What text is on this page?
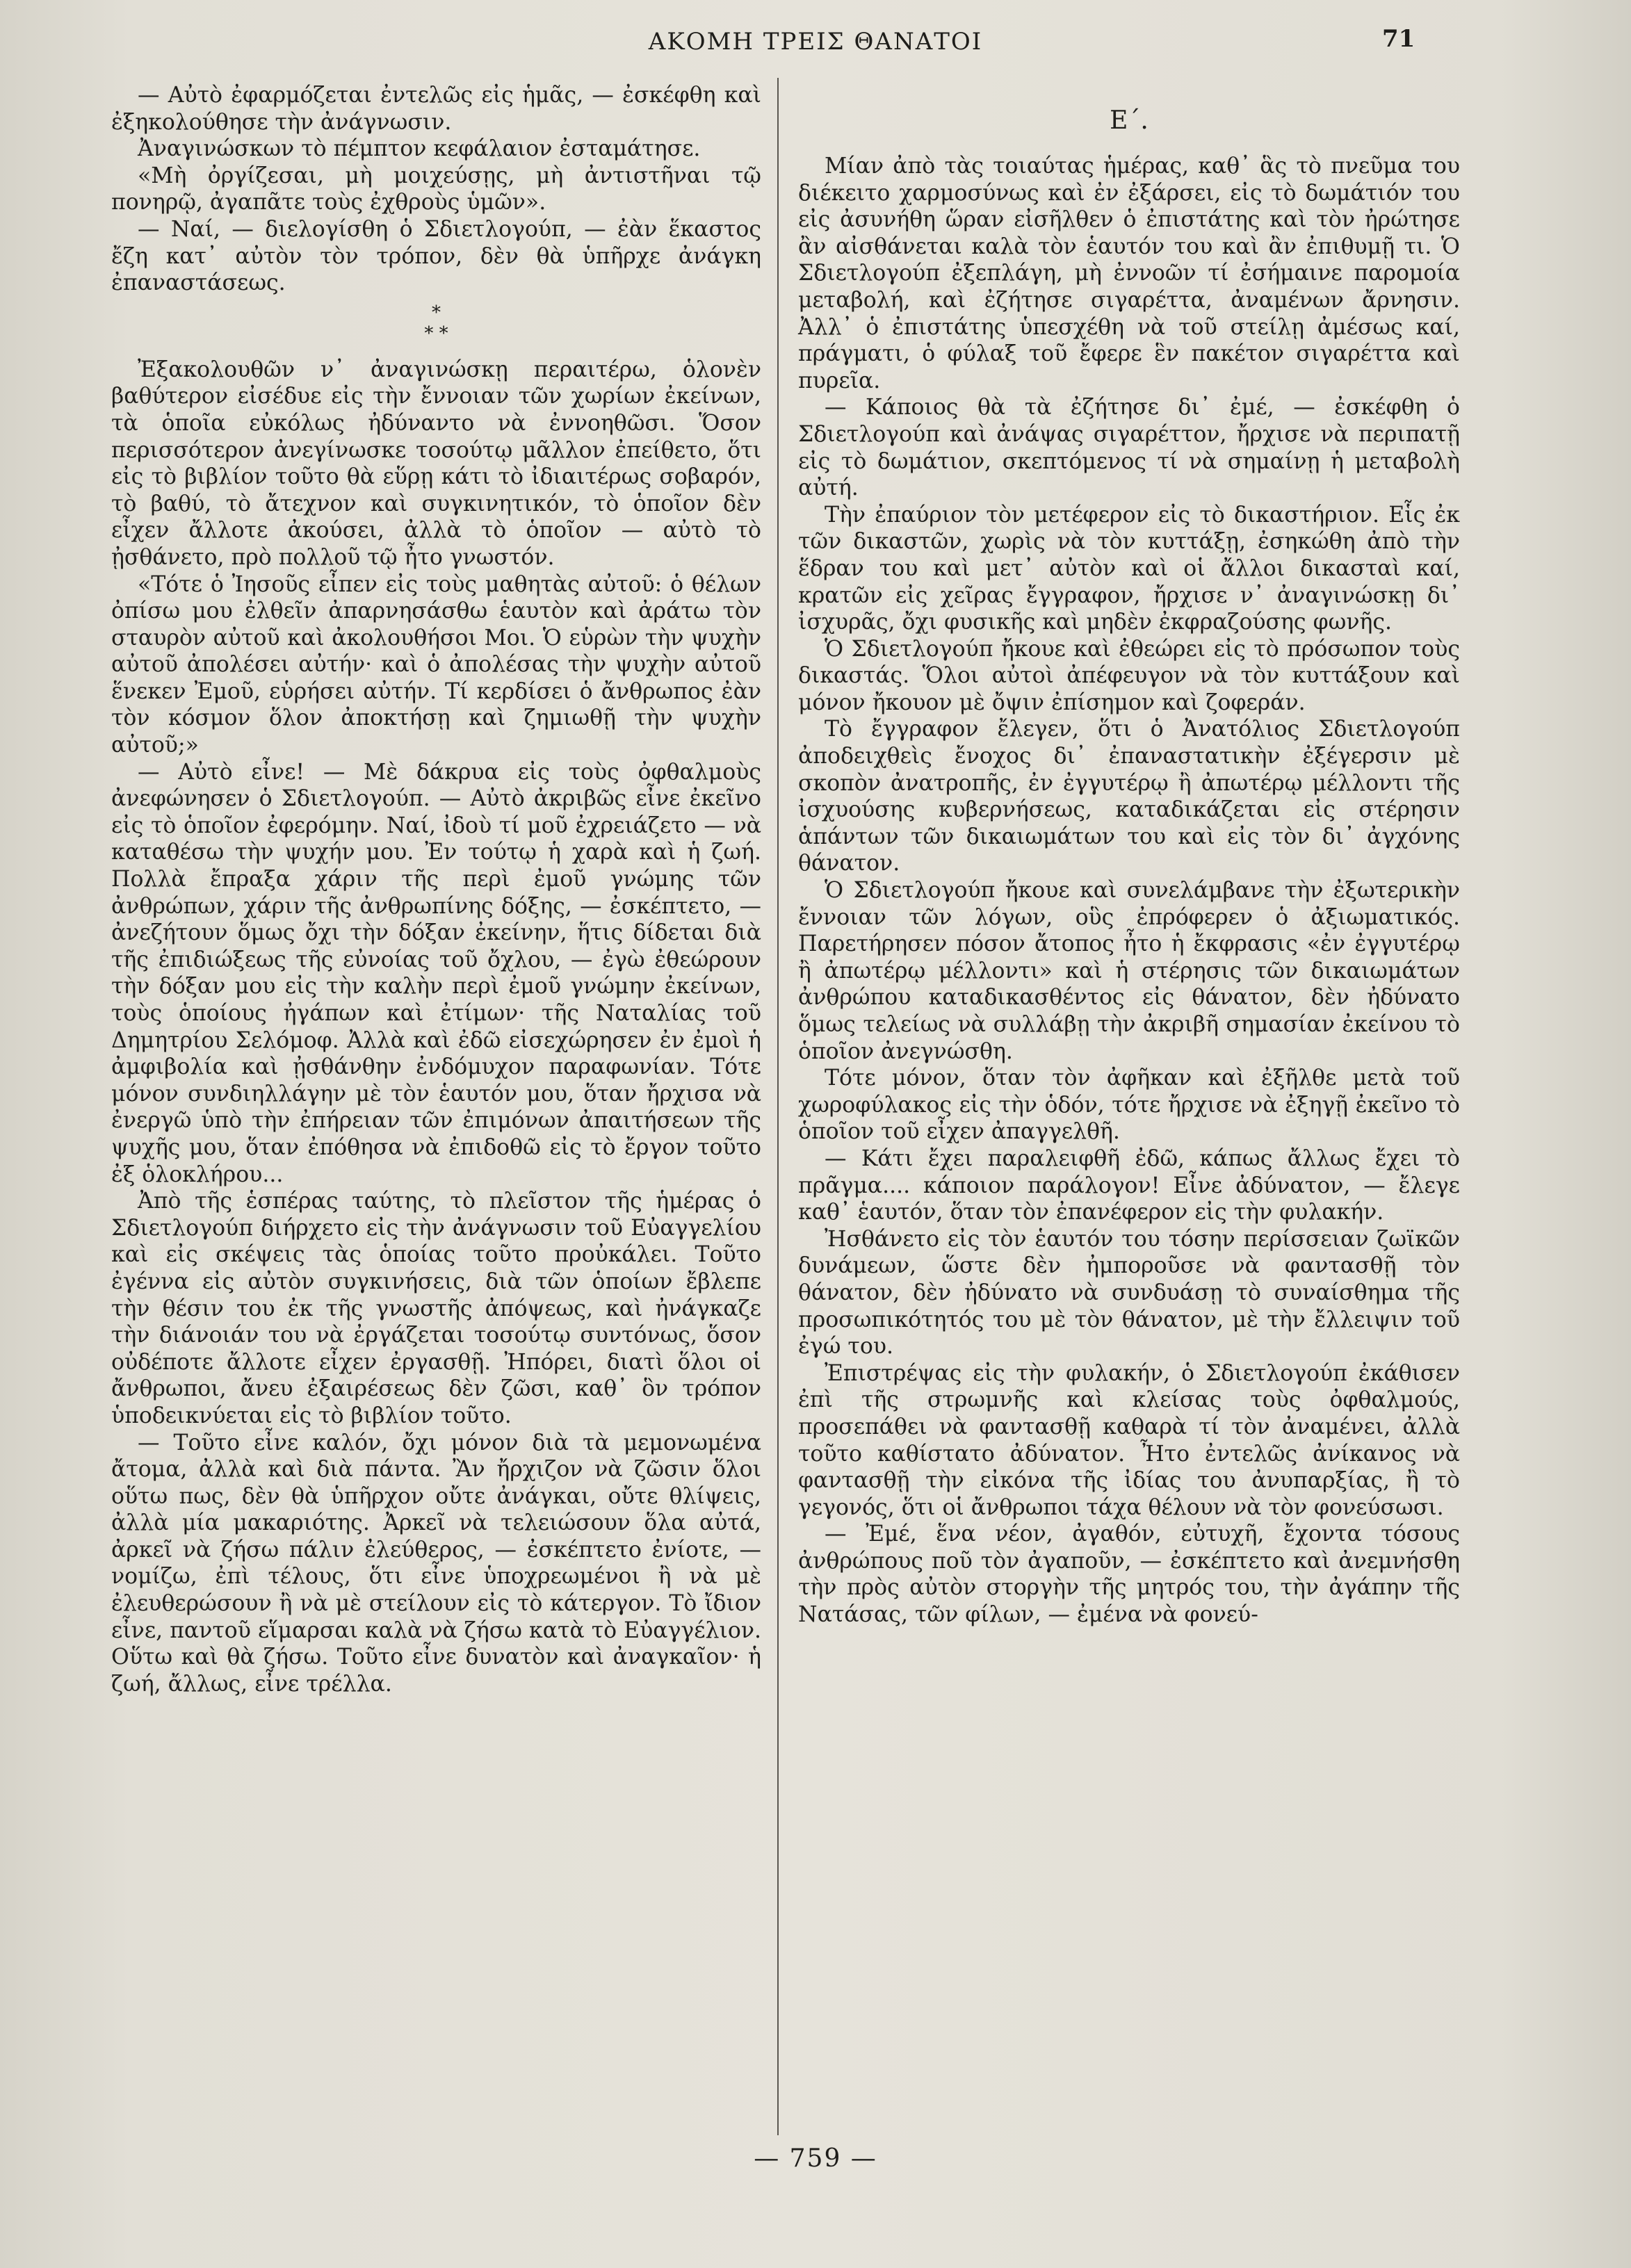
ΑΚΟΜΗ ΤΡΕΙΣ ΘΑΝΑΤΟΙ	71

— Αὐτὸ ἐφαρμόζεται ἐντελῶς εἰς ἡμᾶς, — ἐσκέφθη καὶ ἐξηκολούθησε τὴν ἀνάγνωσιν.

Ἀναγινώσκων τὸ πέμπτον κεφάλαιον ἐσταμάτησε.

«Μὴ ὀργίζεσαι, μὴ μοιχεύσῃς, μὴ ἀντιστῆναι τῷ πονηρῷ, ἀγαπᾶτε τοὺς ἐχθροὺς ὑμῶν».

— Ναί, — διελογίσθη ὁ Σδιετλογούπ, — ἐὰν ἕκαστος ἔζη κατ᾽ αὐτὸν τὸν τρόπον, δὲν θὰ ὑπῆρχε ἀνάγκη ἐπαναστάσεως.

*
* *

Ἐξακολουθῶν ν᾽ ἀναγινώσκῃ περαιτέρω, ὁλονὲν βαθύτερον εἰσέδυε εἰς τὴν ἔννοιαν τῶν χωρίων ἐκείνων, τὰ ὁποῖα εὐκόλως ἠδύναντο νὰ ἐννοηθῶσι. Ὅσον περισσότερον ἀνεγίνωσκε τοσούτῳ μᾶλλον ἐπείθετο, ὅτι εἰς τὸ βιβλίον τοῦτο θὰ εὕρῃ κάτι τὸ ἰδιαιτέρως σοβαρόν, τὸ βαθύ, τὸ ἄτεχνον καὶ συγκινητικόν, τὸ ὁποῖον δὲν εἶχεν ἄλλοτε ἀκούσει, ἀλλὰ τὸ ὁποῖον — αὐτὸ τὸ ᾐσθάνετο, πρὸ πολλοῦ τῷ ἦτο γνωστόν.

«Τότε ὁ Ἰησοῦς εἶπεν εἰς τοὺς μαθητὰς αὐτοῦ: ὁ θέλων ὀπίσω μου ἐλθεῖν ἀπαρνησάσθω ἑαυτὸν καὶ ἀράτω τὸν σταυρὸν αὐτοῦ καὶ ἀκολουθήσοι Μοι. Ὁ εὑρὼν τὴν ψυχὴν αὐτοῦ ἀπολέσει αὐτήν· καὶ ὁ ἀπολέσας τὴν ψυχὴν αὐτοῦ ἕνεκεν Ἐμοῦ, εὑρήσει αὐτήν. Τί κερδίσει ὁ ἄνθρωπος ἐὰν τὸν κόσμον ὅλον ἀποκτήσῃ καὶ ζημιωθῇ τὴν ψυχὴν αὐτοῦ;»

— Αὐτὸ εἶνε! — Μὲ δάκρυα εἰς τοὺς ὀφθαλμοὺς ἀνεφώνησεν ὁ Σδιετλογούπ. — Αὐτὸ ἀκριβῶς εἶνε ἐκεῖνο εἰς τὸ ὁποῖον ἐφερόμην. Ναί, ἰδοὺ τί μοῦ ἐχρειάζετο — νὰ καταθέσω τὴν ψυχήν μου. Ἐν τούτῳ ἡ χαρὰ καὶ ἡ ζωή. Πολλὰ ἔπραξα χάριν τῆς περὶ ἐμοῦ γνώμης τῶν ἀνθρώπων, χάριν τῆς ἀνθρωπίνης δόξης, — ἐσκέπτετο, — ἀνεζήτουν ὅμως ὄχι τὴν δόξαν ἐκείνην, ἥτις δίδεται διὰ τῆς ἐπιδιώξεως τῆς εὐνοίας τοῦ ὄχλου, — ἐγὼ ἐθεώρουν τὴν δόξαν μου εἰς τὴν καλὴν περὶ ἐμοῦ γνώμην ἐκείνων, τοὺς ὁποίους ἠγάπων καὶ ἐτίμων· τῆς Ναταλίας τοῦ Δημητρίου Σελόμοφ. Ἀλλὰ καὶ ἐδῶ εἰσεχώρησεν ἐν ἐμοὶ ἡ ἀμφιβολία καὶ ᾐσθάνθην ἐνδόμυχον παραφωνίαν. Τότε μόνον συνδιηλλάγην μὲ τὸν ἑαυτόν μου, ὅταν ἤρχισα νὰ ἐνεργῶ ὑπὸ τὴν ἐπήρειαν τῶν ἐπιμόνων ἀπαιτήσεων τῆς ψυχῆς μου, ὅταν ἐπόθησα νὰ ἐπιδοθῶ εἰς τὸ ἔργον τοῦτο ἐξ ὁλοκλήρου...

Ἀπὸ τῆς ἑσπέρας ταύτης, τὸ πλεῖστον τῆς ἡμέρας ὁ Σδιετλογούπ διήρχετο εἰς τὴν ἀνάγνωσιν τοῦ Εὐαγγελίου καὶ εἰς σκέψεις τὰς ὁποίας τοῦτο προὐκάλει. Τοῦτο ἐγέννα εἰς αὐτὸν συγκινήσεις, διὰ τῶν ὁποίων ἔβλεπε τὴν θέσιν του ἐκ τῆς γνωστῆς ἀπόψεως, καὶ ἠνάγκαζε τὴν διάνοιάν του νὰ ἐργάζεται τοσούτῳ συντόνως, ὅσον οὐδέποτε ἄλλοτε εἶχεν ἐργασθῇ. Ἠπόρει, διατὶ ὅλοι οἱ ἄνθρωποι, ἄνευ ἐξαιρέσεως δὲν ζῶσι, καθ᾽ ὃν τρόπον ὑποδεικνύεται εἰς τὸ βιβλίον τοῦτο.

— Τοῦτο εἶνε καλόν, ὄχι μόνον διὰ τὰ μεμονωμένα ἄτομα, ἀλλὰ καὶ διὰ πάντα. Ἂν ἤρχιζον νὰ ζῶσιν ὅλοι οὕτω πως, δὲν θὰ ὑπῆρχον οὔτε ἀνάγκαι, οὔτε θλίψεις, ἀλλὰ μία μακαριότης. Ἀρκεῖ νὰ τελειώσουν ὅλα αὐτά, ἀρκεῖ νὰ ζήσω πάλιν ἐλεύθερος, — ἐσκέπτετο ἐνίοτε, — νομίζω, ἐπὶ τέλους, ὅτι εἶνε ὑποχρεωμένοι ἢ νὰ μὲ ἐλευθερώσουν ἢ νὰ μὲ στείλουν εἰς τὸ κάτεργον. Τὸ ἴδιον εἶνε, παντοῦ εἵμαρσαι καλὰ νὰ ζήσω κατὰ τὸ Εὐαγγέλιον. Οὕτω καὶ θὰ ζήσω. Τοῦτο εἶνε δυνατὸν καὶ ἀναγκαῖον· ἡ ζωή, ἄλλως, εἶνε τρέλλα.

Ε΄.

Μίαν ἀπὸ τὰς τοιαύτας ἡμέρας, καθ᾽ ἃς τὸ πνεῦμα του διέκειτο χαρμοσύνως καὶ ἐν ἐξάρσει, εἰς τὸ δωμάτιόν του εἰς ἀσυνήθη ὥραν εἰσῆλθεν ὁ ἐπιστάτης καὶ τὸν ἠρώτησε ἂν αἰσθάνεται καλὰ τὸν ἑαυτόν του καὶ ἂν ἐπιθυμῇ τι. Ὁ Σδιετλογούπ ἐξεπλάγη, μὴ ἐννοῶν τί ἐσήμαινε παρομοία μεταβολή, καὶ ἐζήτησε σιγαρέττα, ἀναμένων ἄρνησιν. Ἀλλ᾽ ὁ ἐπιστάτης ὑπεσχέθη νὰ τοῦ στείλῃ ἀμέσως καί, πράγματι, ὁ φύλαξ τοῦ ἔφερε ἓν πακέτον σιγαρέττα καὶ πυρεῖα.

— Κάποιος θὰ τὰ ἐζήτησε δι᾽ ἐμέ, — ἐσκέφθη ὁ Σδιετλογούπ καὶ ἀνάψας σιγαρέττον, ἤρχισε νὰ περιπατῇ εἰς τὸ δωμάτιον, σκεπτόμενος τί νὰ σημαίνῃ ἡ μεταβολὴ αὐτή.

Τὴν ἐπαύριον τὸν μετέφερον εἰς τὸ δικαστήριον. Εἷς ἐκ τῶν δικαστῶν, χωρὶς νὰ τὸν κυττάξῃ, ἐσηκώθη ἀπὸ τὴν ἕδραν του καὶ μετ᾽ αὐτὸν καὶ οἱ ἄλλοι δικασταὶ καί, κρατῶν εἰς χεῖρας ἔγγραφον, ἤρχισε ν᾽ ἀναγινώσκῃ δι᾽ ἰσχυρᾶς, ὄχι φυσικῆς καὶ μηδὲν ἐκφραζούσης φωνῆς.

Ὁ Σδιετλογούπ ἤκουε καὶ ἐθεώρει εἰς τὸ πρόσωπον τοὺς δικαστάς. Ὅλοι αὐτοὶ ἀπέφευγον νὰ τὸν κυττάξουν καὶ μόνον ἤκουον μὲ ὄψιν ἐπίσημον καὶ ζοφεράν.

Τὸ ἔγγραφον ἔλεγεν, ὅτι ὁ Ἀνατόλιος Σδιετλογούπ ἀποδειχθεὶς ἔνοχος δι᾽ ἐπαναστατικὴν ἐξέγερσιν μὲ σκοπὸν ἀνατροπῆς, ἐν ἐγγυτέρῳ ἢ ἀπωτέρῳ μέλλοντι τῆς ἰσχυούσης κυβερνήσεως, καταδικάζεται εἰς στέρησιν ἁπάντων τῶν δικαιωμάτων του καὶ εἰς τὸν δι᾽ ἀγχόνης θάνατον.

Ὁ Σδιετλογούπ ἤκουε καὶ συνελάμβανε τὴν ἐξωτερικὴν ἔννοιαν τῶν λόγων, οὓς ἐπρόφερεν ὁ ἀξιωματικός. Παρετήρησεν πόσον ἄτοπος ἦτο ἡ ἔκφρασις «ἐν ἐγγυτέρῳ ἢ ἀπωτέρῳ μέλλοντι» καὶ ἡ στέρησις τῶν δικαιωμάτων ἀνθρώπου καταδικασθέντος εἰς θάνατον, δὲν ἠδύνατο ὅμως τελείως νὰ συλλάβῃ τὴν ἀκριβῆ σημασίαν ἐκείνου τὸ ὁποῖον ἀνεγνώσθη.

Τότε μόνον, ὅταν τὸν ἀφῆκαν καὶ ἐξῆλθε μετὰ τοῦ χωροφύλακος εἰς τὴν ὁδόν, τότε ἤρχισε νὰ ἐξηγῇ ἐκεῖνο τὸ ὁποῖον τοῦ εἶχεν ἀπαγγελθῆ.

— Κάτι ἔχει παραλειφθῆ ἐδῶ, κάπως ἄλλως ἔχει τὸ πρᾶγμα.... κάποιον παράλογον! Εἶνε ἀδύνατον, — ἔλεγε καθ᾽ ἑαυτόν, ὅταν τὸν ἐπανέφερον εἰς τὴν φυλακήν.

Ἠσθάνετο εἰς τὸν ἑαυτόν του τόσην περίσσειαν ζωϊκῶν δυνάμεων, ὥστε δὲν ἠμποροῦσε νὰ φαντασθῇ τὸν θάνατον, δὲν ἠδύνατο νὰ συνδυάσῃ τὸ συναίσθημα τῆς προσωπικότητός του μὲ τὸν θάνατον, μὲ τὴν ἔλλειψιν τοῦ ἐγώ του.

Ἐπιστρέψας εἰς τὴν φυλακήν, ὁ Σδιετλογούπ ἐκάθισεν ἐπὶ τῆς στρωμνῆς καὶ κλείσας τοὺς ὀφθαλμούς, προσεπάθει νὰ φαντασθῇ καθαρὰ τί τὸν ἀναμένει, ἀλλὰ τοῦτο καθίστατο ἀδύνατον. Ἦτο ἐντελῶς ἀνίκανος νὰ φαντασθῇ τὴν εἰκόνα τῆς ἰδίας του ἀνυπαρξίας, ἢ τὸ γεγονός, ὅτι οἱ ἄνθρωποι τάχα θέλουν νὰ τὸν φονεύσωσι.

— Ἐμέ, ἕνα νέον, ἀγαθόν, εὐτυχῆ, ἔχοντα τόσους ἀνθρώπους ποῦ τὸν ἀγαποῦν, — ἐσκέπτετο καὶ ἀνεμνήσθη τὴν πρὸς αὐτὸν στοργὴν τῆς μητρός του, τὴν ἀγάπην τῆς Νατάσας, τῶν φίλων, — ἐμένα νὰ φονεύ-

— 759 —
